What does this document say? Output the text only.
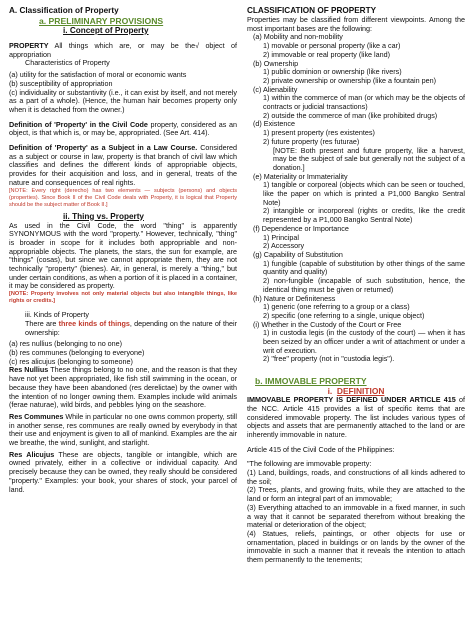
A. Classification of Property

a. PRELIMINARY PROVISIONS

i. Concept of Property

PROPERTY All things which are, or may be the√ object of appropriation

Characteristics of Property

(a) utility for the satisfaction of moral or economic wants

(b) susceptibility of appropriation

(c) individuality or substantivity (i.e., it can exist by itself, and not merely as a part of a whole). (Hence, the human hair becomes property only when it is detached from the owner.)

Definition of 'Property' in the Civil Code property, considered as an object, is that which is, or may be, appropriated. (See Art. 414).

Definition of 'Property' as a Subject in a Law Course. Considered as a subject or course in law, property is that branch of civil law which classifies and defines the different kinds of appropriable objects, provides for their acquisition and loss, and in general, treats of the nature and consequences of real rights.

[NOTE: Every right (derecho) has two elements — subjects (persons) and objects (properties). Since Book II of the Civil Code deals with Property, it is logical that Property should be the subject matter of Book II.]

ii. Thing vs. Property

As used in the Civil Code, the word "thing" is apparently SYNONYMOUS with the word "property." However, technically, "thing" is broader in scope for it includes both appropriable and non-appropriable objects. The planets, the stars, the sun for example, are "things" (cosas), but since we cannot appropriate them, they are not technically "property" (bienes). Air, in general, is merely a "thing," but under certain conditions, as when a portion of it is placed in a container, it may be considered as property.

[NOTE: Property involves not only material objects but also intangible things, like rights or credits.]

iii. Kinds of Property

There are three kinds of things, depending on the nature of their ownership:

(a) res nullius (belonging to no one)

(b) res communes (belonging to everyone)

(c) res alicujus (belonging to someone)

Res Nullius These things belong to no one, and the reason is that they have not yet been appropriated, like fish still swimming in the ocean, or because they have been abandoned (res derelictae) by the owner with the intention of no longer owning them. Examples include wild animals (ferae naturae), wild birds, and pebbles lying on the seashore.

Res Communes While in particular no one owns common property, still in another sense, res communes are really owned by everybody in that their use and enjoyment is given to all of mankind. Examples are the air we breathe, the wind, sunlight, and starlight.

Res Alicujus These are objects, tangible or intangible, which are owned privately, either in a collective or individual capacity. And precisely because they can be owned, they really should be considered "property." Examples: your book, your shares of stock, your parcel of land.

CLASSIFICATION OF PROPERTY

Properties may be classified from different viewpoints. Among the most important bases are the following:

(a) Mobility and non-mobility

1) movable or personal property (like a car)

2) immovable or real property (like land)

(b) Ownership

1) public dominion or ownership (like rivers)

2) private ownership or ownership (like a fountain pen)

(c) Alienability

1) within the commerce of man (or which may be the objects of contracts or judicial transactions)

2) outside the commerce of man (like prohibited drugs)

(d) Existence

1) present property (res existentes)

2) future property (res futurae)

[NOTE: Both present and future property, like a harvest, may be the subject of sale but generally not the subject of a donation.]

(e) Materiality or Immateriality

1) tangible or corporeal (objects which can be seen or touched, like the paper on which is printed a P1,000 Bangko Sentral Note)

2) intangible or incorporeal (rights or credits, like the credit represented by a P1,000 Bangko Sentral Note)

(f) Dependence or Importance

1) Principal

2) Accessory

(g) Capability of Substitution

1) fungible (capable of substitution by other things of the same quantity and quality)

2) non-fungible (incapable of such substitution, hence, the identical thing must be given or returned)

(h) Nature or Definiteness

1) generic (one referring to a group or a class)

2) specific (one referring to a single, unique object)

(i) Whether in the Custody of the Court or Free

1) in custodia legis (in the custody of the court) — when it has been seized by an officer under a writ of attachment or under a writ of execution.

2) "free" property (not in "custodia legis").

b. IMMOVABLE PROPERTY

i.  DEFINITION

IMMOVABLE PROPERTY IS DEFINED UNDER ARTICLE 415 of the NCC. Article 415 provides a list of specific items that are considered immovable property. The list includes various types of objects and assets that are permanently attached to the land or are inherently immovable in nature.

Article 415 of the Civil Code of the Philippines:

"The following are immovable property:

(1) Land, buildings, roads, and constructions of all kinds adhered to the soil;

(2) Trees, plants, and growing fruits, while they are attached to the land or form an integral part of an immovable;

(3) Everything attached to an immovable in a fixed manner, in such a way that it cannot be separated therefrom without breaking the material or deterioration of the object;

(4) Statues, reliefs, paintings, or other objects for use or ornamentation, placed in buildings or on lands by the owner of the immovable in such a manner that it reveals the intention to attach them permanently to the tenements;
